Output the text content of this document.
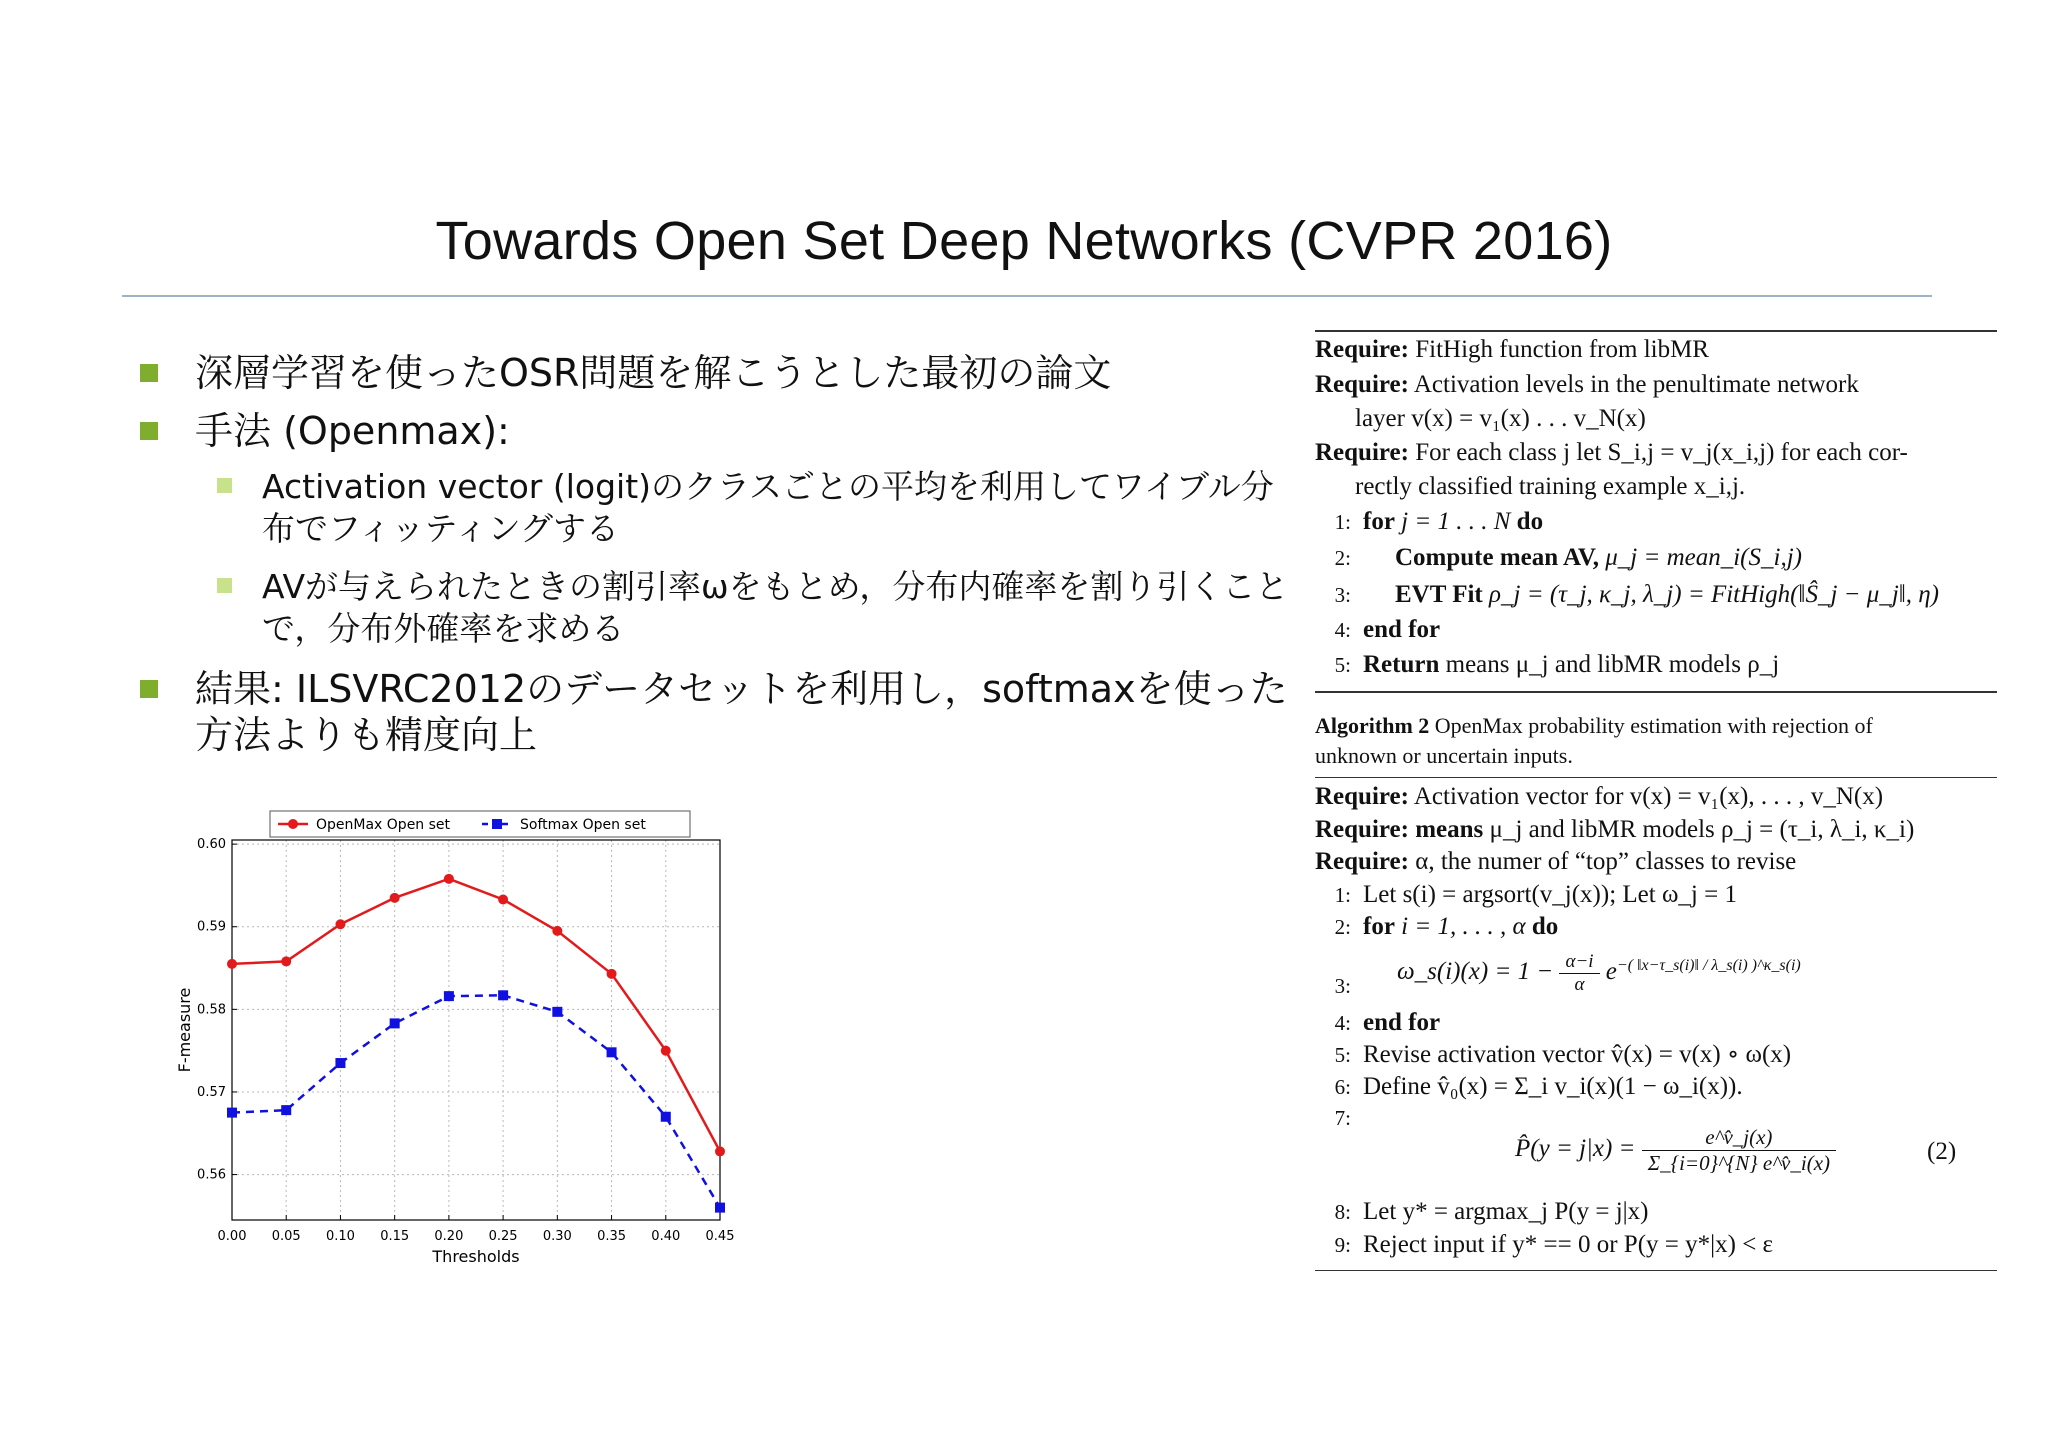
Towards Open Set Deep Networks (CVPR 2016)
深層学習を使ったOSR問題を解こうとした最初の論文
手法 (Openmax):
Activation vector (logit)のクラスごとの平均を利用してワイブル分布でフィッティングする
AVが与えられたときの割引率ωをもとめ，分布内確率を割り引くことで，分布外確率を求める
結果: ILSVRC2012のデータセットを利用し，softmaxを使った方法よりも精度向上
0.00 0.05 0.10 0.15 0.20 0.25 0.30 0.35 0.40 0.45
0.56
0.57
0.58
0.59
0.60
Thresholds
F-measure
OpenMax Open set	Softmax Open set
Require: FitHigh function from libMR
Require: Activation levels in the penultimate network
layer v(x) = v₁(x) . . . v_N(x)
Require: For each class j let S_i,j = v_j(x_i,j) for each cor-
rectly classified training example x_i,j.
1: for j = 1 . . . N do
2: Compute mean AV, μ_j = mean_i(S_i,j)
3: EVT Fit ρ_j = (τ_j, κ_j, λ_j) = FitHigh(‖Ŝ_j − μ_j‖, η)
4: end for
5: Return means μ_j and libMR models ρ_j
Algorithm 2 OpenMax probability estimation with rejection of
unknown or uncertain inputs.
Require: Activation vector for v(x) = v₁(x), . . . , v_N(x)
Require: means μ_j and libMR models ρ_j = (τ_i, λ_i, κ_i)
Require: α, the numer of “top” classes to revise
1: Let s(i) = argsort(v_j(x)); Let ω_j = 1
2: for i = 1, . . . , α do
3:
ω_s(i)(x) = $1 - \frac{\alpha-i}{\alpha} e^{-( ‖x-\tau\_s(i)‖ / \lambda\_s(i) )\^{}\kappa\_s(i)}$
4: end for
5: Revise activation vector v̂(x) = v(x) ∘ ω(x)
6: Define v̂₀(x) = Σ_i v_i(x)(1 − ω_i(x)).
7:
P̂(y = $j|x) = \frac{e\^{}v̂\_j(x)}{\Sigma\_\{i=0\}\^{}\{N\} e\^{}v̂\_i(x)}$	(2)
8: Let y* = argmax_j P(y = j|x)
9: Reject input if y* == 0 or P(y = y*|x) < ε
